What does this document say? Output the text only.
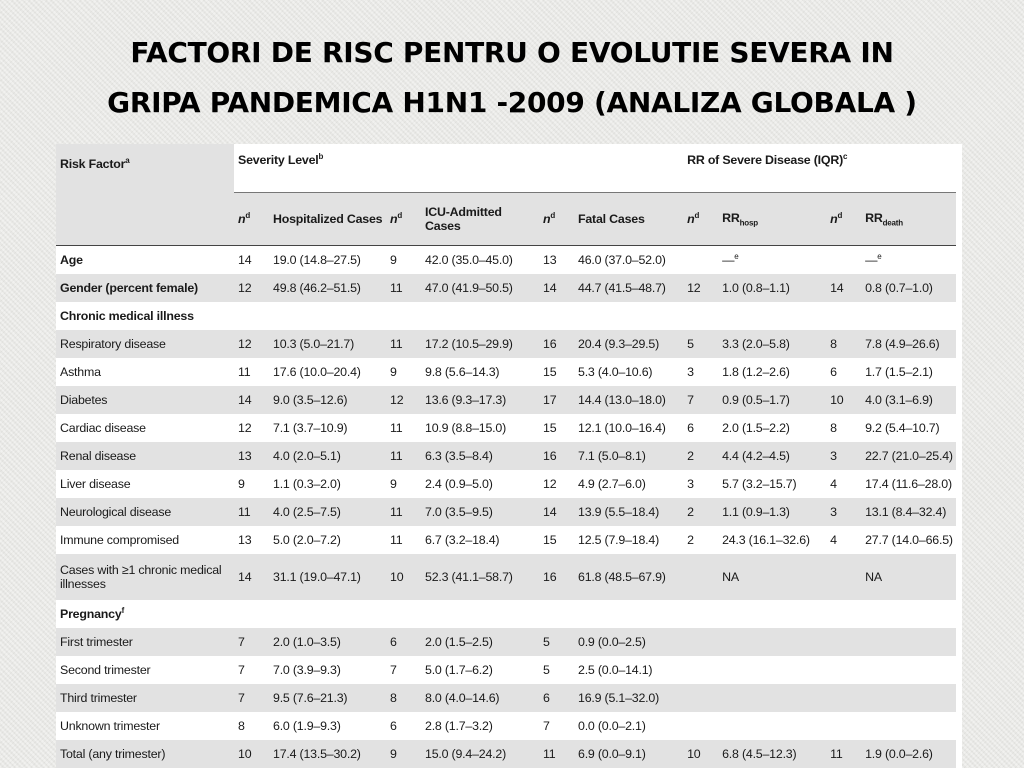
FACTORI DE RISC PENTRU O EVOLUTIE SEVERA IN
GRIPA PANDEMICA H1N1 -2009 (ANALIZA GLOBALA )
Risk Factor$^a$	Severity Level$^b$						RR of Severe Disease (IQR)$^c$
	$n^d$	Hospitalized Cases	$n^d$	ICU-Admitted Cases	$n^d$	Fatal Cases	$n^d$	$RR_{hosp}$	$n^d$	$RR_{death}$
Age	14	19.0 (14.8–27.5)	9	42.0 (35.0–45.0)	13	46.0 (37.0–52.0)		—$^e$		—$^e$
Gender (percent female)	12	49.8 (46.2–51.5)	11	47.0 (41.9–50.5)	14	44.7 (41.5–48.7)	12	1.0 (0.8–1.1)	14	0.8 (0.7–1.0)
Chronic medical illness										
Respiratory disease	12	10.3 (5.0–21.7)	11	17.2 (10.5–29.9)	16	20.4 (9.3–29.5)	5	3.3 (2.0–5.8)	8	7.8 (4.9–26.6)
Asthma	11	17.6 (10.0–20.4)	9	9.8 (5.6–14.3)	15	5.3 (4.0–10.6)	3	1.8 (1.2–2.6)	6	1.7 (1.5–2.1)
Diabetes	14	9.0 (3.5–12.6)	12	13.6 (9.3–17.3)	17	14.4 (13.0–18.0)	7	0.9 (0.5–1.7)	10	4.0 (3.1–6.9)
Cardiac disease	12	7.1 (3.7–10.9)	11	10.9 (8.8–15.0)	15	12.1 (10.0–16.4)	6	2.0 (1.5–2.2)	8	9.2 (5.4–10.7)
Renal disease	13	4.0 (2.0–5.1)	11	6.3 (3.5–8.4)	16	7.1 (5.0–8.1)	2	4.4 (4.2–4.5)	3	22.7 (21.0–25.4)
Liver disease	9	1.1 (0.3–2.0)	9	2.4 (0.9–5.0)	12	4.9 (2.7–6.0)	3	5.7 (3.2–15.7)	4	17.4 (11.6–28.0)
Neurological disease	11	4.0 (2.5–7.5)	11	7.0 (3.5–9.5)	14	13.9 (5.5–18.4)	2	1.1 (0.9–1.3)	3	13.1 (8.4–32.4)
Immune compromised	13	5.0 (2.0–7.2)	11	6.7 (3.2–18.4)	15	12.5 (7.9–18.4)	2	24.3 (16.1–32.6)	4	27.7 (14.0–66.5)
Cases with ≥1 chronic medical illnesses	14	31.1 (19.0–47.1)	10	52.3 (41.1–58.7)	16	61.8 (48.5–67.9)		NA		NA
Pregnancy$^f$
First trimester	7	2.0 (1.0–3.5)	6	2.0 (1.5–2.5)	5	0.9 (0.0–2.5)				
Second trimester	7	7.0 (3.9–9.3)	7	5.0 (1.7–6.2)	5	2.5 (0.0–14.1)				
Third trimester	7	9.5 (7.6–21.3)	8	8.0 (4.0–14.6)	6	16.9 (5.1–32.0)				
Unknown trimester	8	6.0 (1.9–9.3)	6	2.8 (1.7–3.2)	7	0.0 (0.0–2.1)				
Total (any trimester)	10	17.4 (13.5–30.2)	9	15.0 (9.4–24.2)	11	6.9 (0.0–9.1)	10	6.8 (4.5–12.3)	11	1.9 (0.0–2.6)
